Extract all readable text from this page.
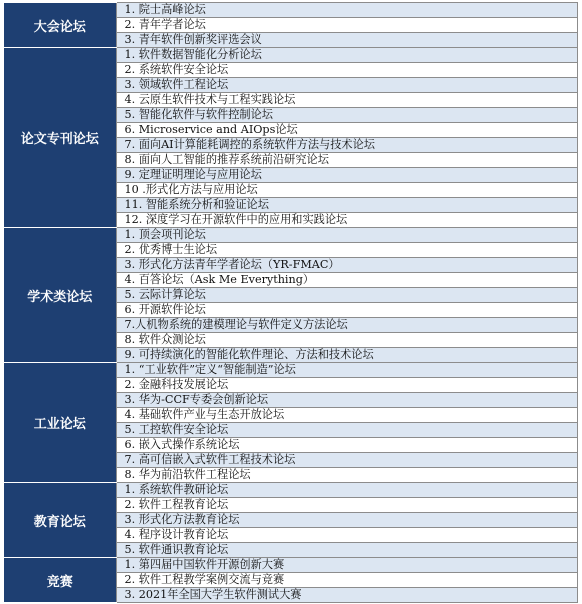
大会论坛	1. 院士高峰论坛
	2. 青年学者论坛
	3. 青年软件创新奖评选会议
论文专刊论坛	1. 软件数据智能化分析论坛
	2. 系统软件安全论坛
	3. 领域软件工程论坛
	4. 云原生软件技术与工程实践论坛
	5. 智能化软件与软件控制论坛
	6. Microservice and AIOps论坛
	7. 面向AI计算能耗调控的系统软件方法与技术论坛
	8. 面向人工智能的推荐系统前沿研究论坛
	9. 定理证明理论与应用论坛
	10 .形式化方法与应用论坛
	11. 智能系统分析和验证论坛
	12. 深度学习在开源软件中的应用和实践论坛
学术类论坛	1. 顶会项刊论坛
	2. 优秀博士生论坛
	3. 形式化方法青年学者论坛（YR-FMAC）
	4. 百答论坛（Ask Me Everything）
	5. 云际计算论坛
	6. 开源软件论坛
	7.人机物系统的建模理论与软件定义方法论坛
	8. 软件众测论坛
	9. 可持续演化的智能化软件理论、方法和技术论坛
工业论坛	1. “工业软件”定义“智能制造”论坛
	2. 金融科技发展论坛
	3. 华为-CCF专委会创新论坛
	4. 基础软件产业与生态开放论坛
	5. 工控软件安全论坛
	6. 嵌入式操作系统论坛
	7. 高可信嵌入式软件工程技术论坛
	8. 华为前沿软件工程论坛
教育论坛	1. 系统软件教研论坛
	2. 软件工程教育论坛
	3. 形式化方法教育论坛
	4. 程序设计教育论坛
	5. 软件通识教育论坛
竞赛	1. 第四届中国软件开源创新大赛
	2. 软件工程教学案例交流与竞赛
	3. 2021年全国大学生软件测试大赛
